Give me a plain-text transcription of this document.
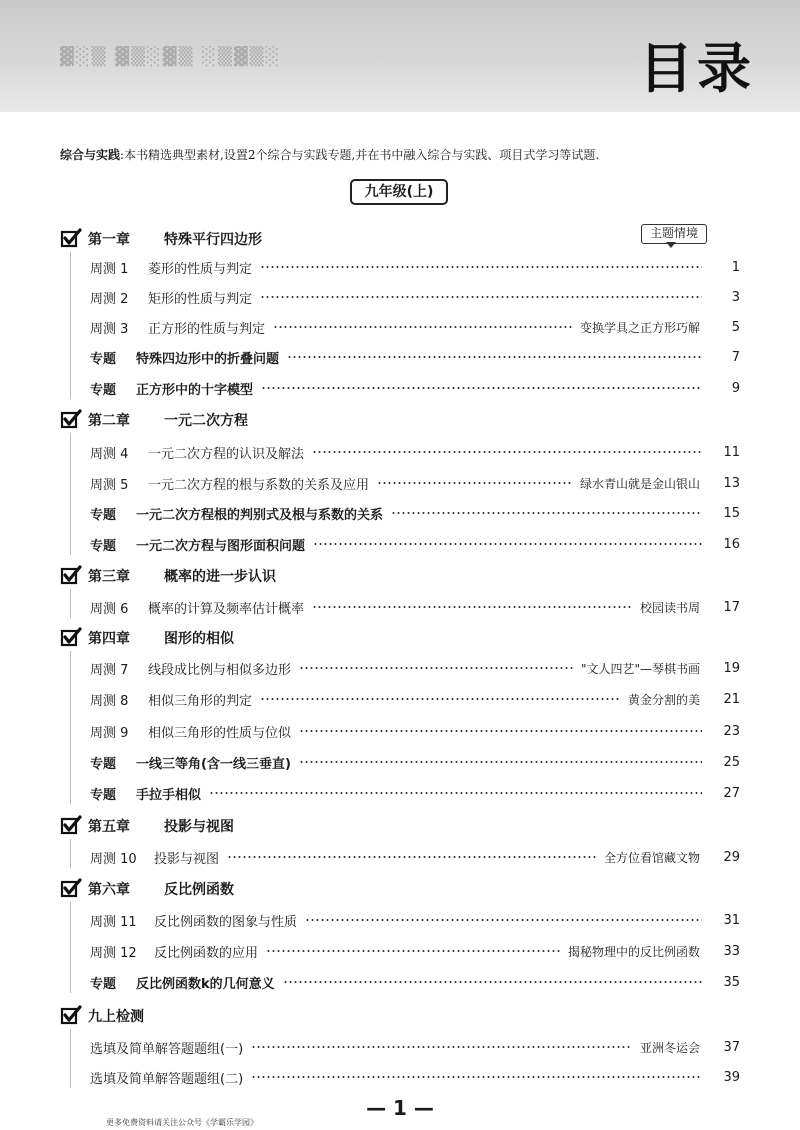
▓░▒ ▓▒░▓▒ ░▒▓▒░	目录
综合与实践:本书精选典型素材,设置2个综合与实践专题,并在书中融入综合与实践、项目式学习等试题.
九年级(上)
主题情境
第一章	特殊平行四边形
周测 1	菱形的性质与判定	1
周测 2	矩形的性质与判定	3
周测 3	正方形的性质与判定	变换学具之正方形巧解	5
专题	特殊四边形中的折叠问题	7
专题	正方形中的十字模型	9
第二章	一元二次方程
周测 4	一元二次方程的认识及解法	11
周测 5	一元二次方程的根与系数的关系及应用	绿水青山就是金山银山	13
专题	一元二次方程根的判别式及根与系数的关系	15
专题	一元二次方程与图形面积问题	16
第三章	概率的进一步认识
周测 6	概率的计算及频率估计概率	校园读书周	17
第四章	图形的相似
周测 7	线段成比例与相似多边形	"文人四艺"—琴棋书画	19
周测 8	相似三角形的判定	黄金分割的美	21
周测 9	相似三角形的性质与位似	23
专题	一线三等角(含一线三垂直)	25
专题	手拉手相似	27
第五章	投影与视图
周测 10	投影与视图	全方位看馆藏文物	29
第六章	反比例函数
周测 11	反比例函数的图象与性质	31
周测 12	反比例函数的应用	揭秘物理中的反比例函数	33
专题	反比例函数k的几何意义	35
九上检测
选填及简单解答题题组(一)	亚洲冬运会	37
选填及简单解答题题组(二)	39
— 1 —
更多免费资料请关注公众号《学霸乐学园》
